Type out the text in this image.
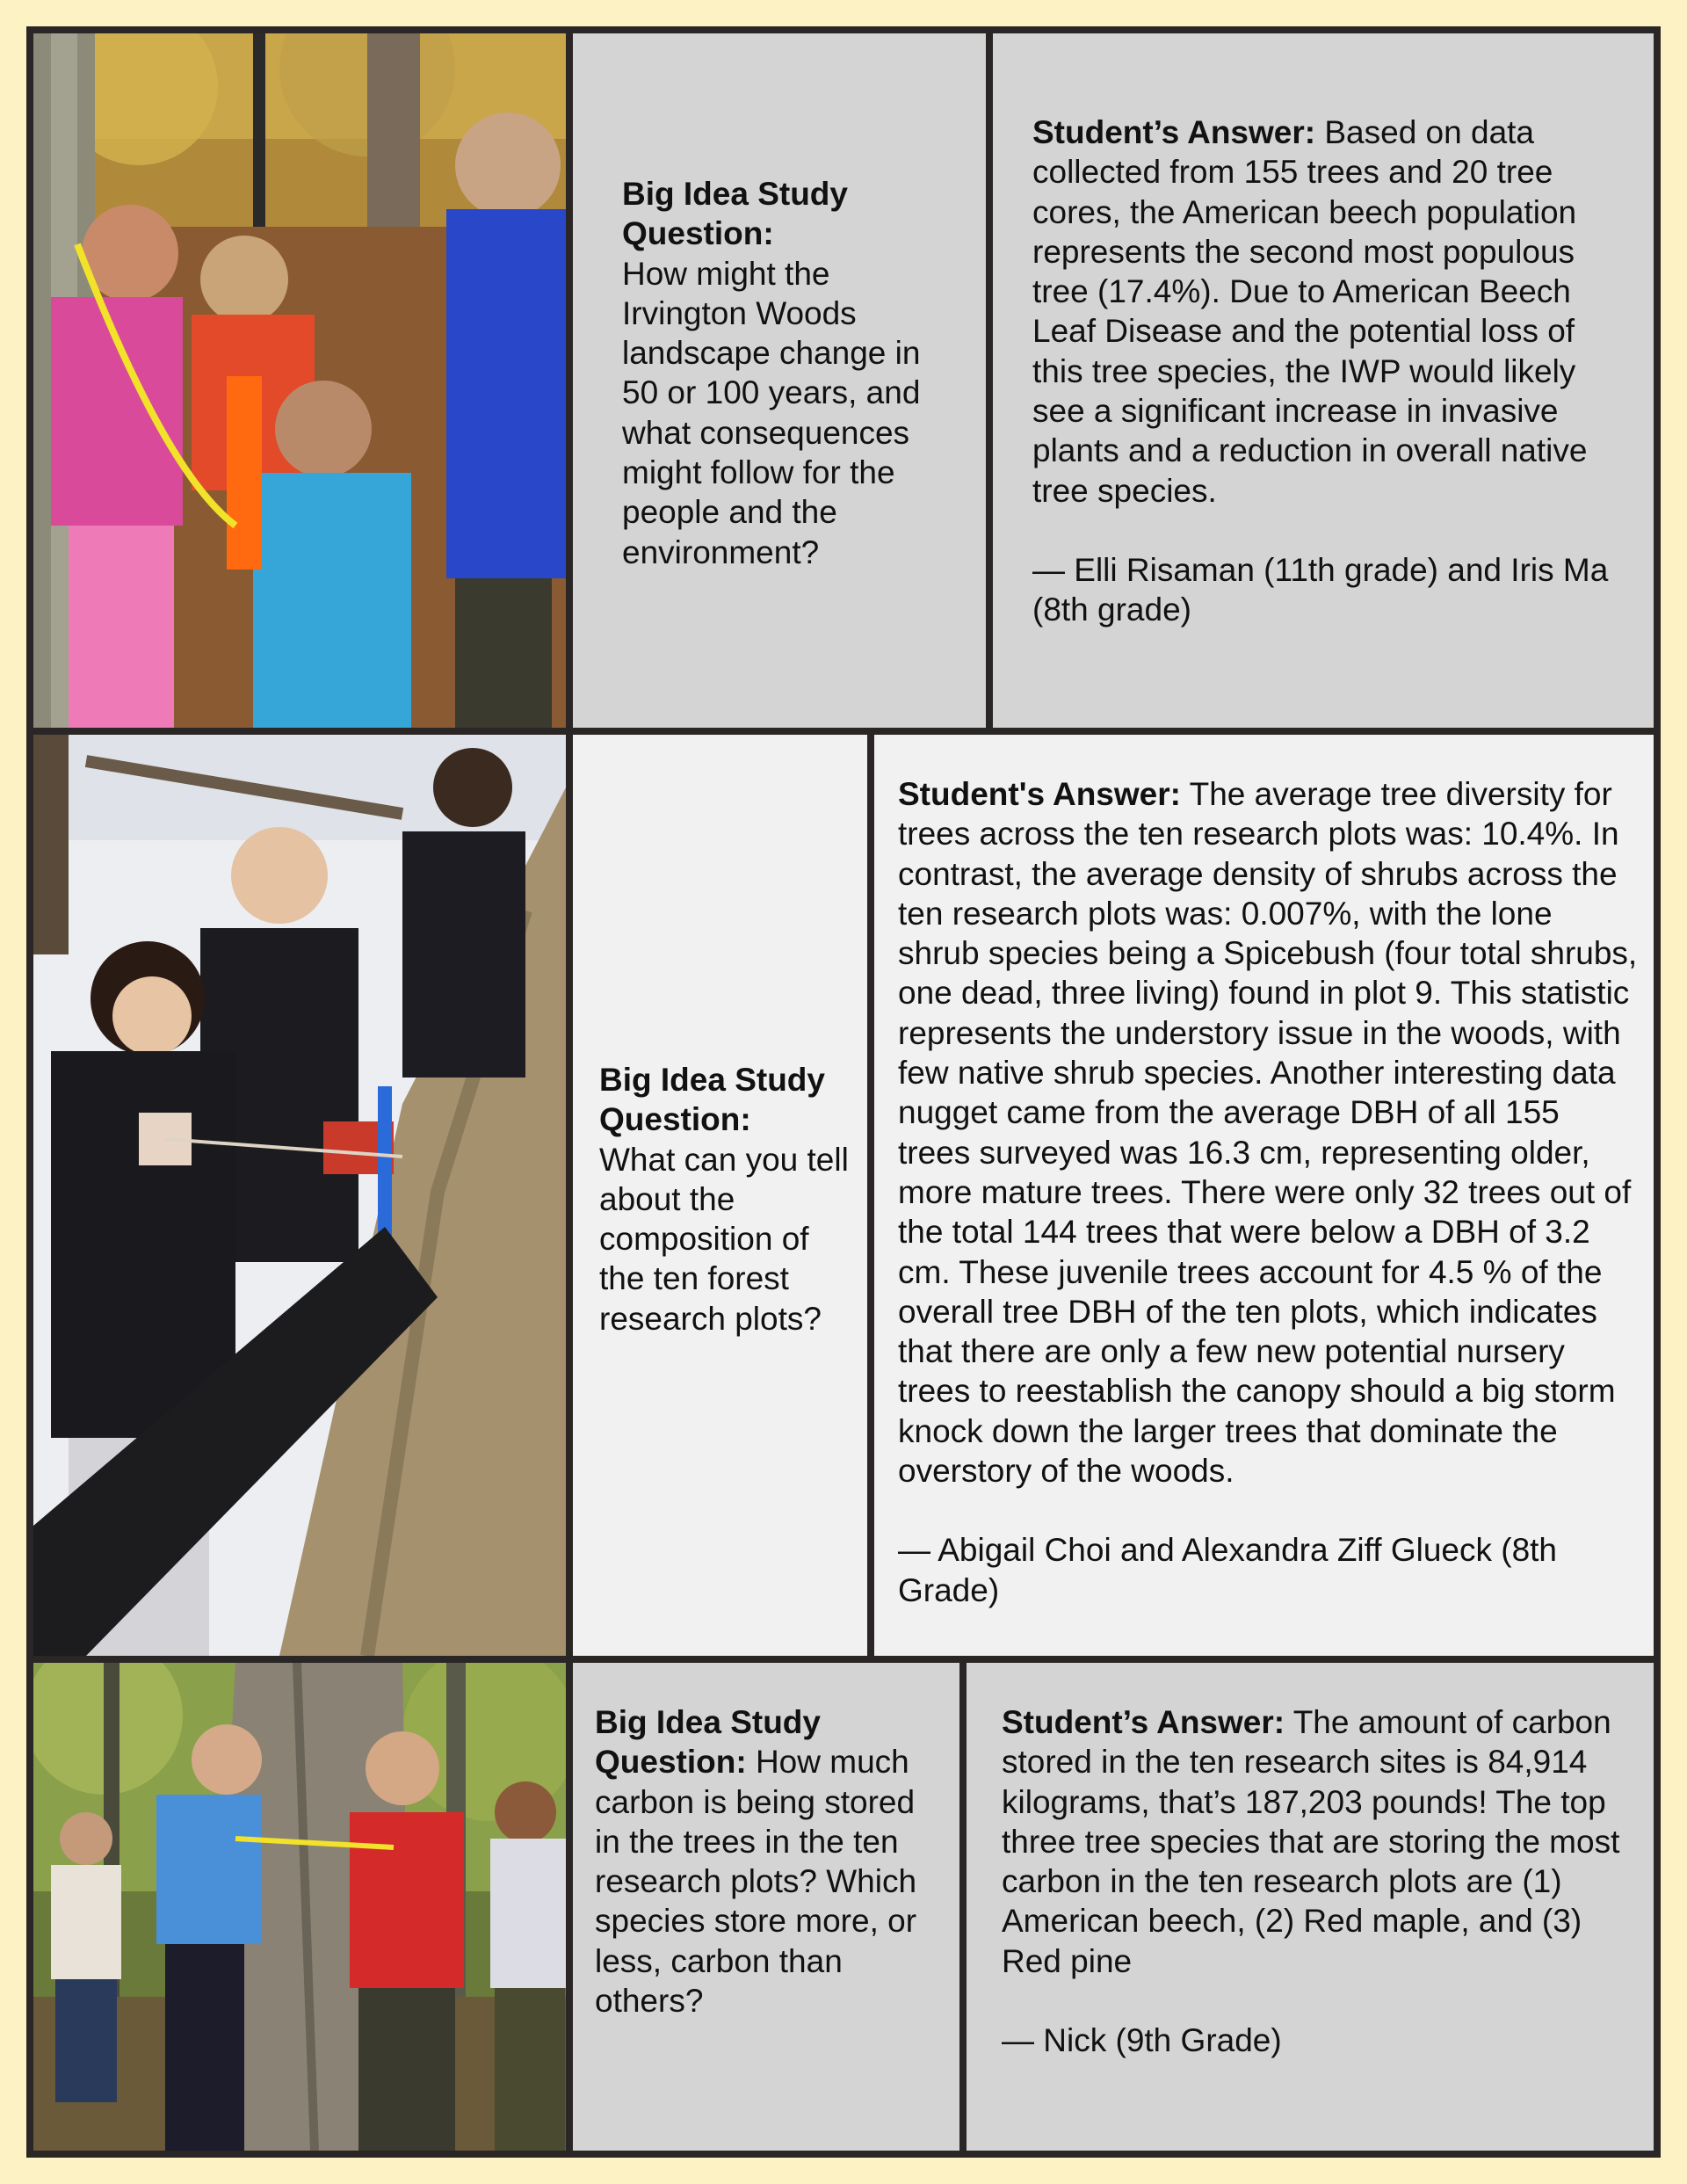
Big Idea Study Question:
How might the Irvington Woods landscape change in 50 or 100 years, and what consequences might follow for the people and the environment?
Student’s Answer: Based on data collected from 155 trees and 20 tree cores, the American beech population represents the second most populous tree (17.4%). Due to American Beech Leaf Disease and the potential loss of this tree species, the IWP would likely see a significant increase in invasive plants and a reduction in overall native tree species.
— Elli Risaman (11th grade) and Iris Ma (8th grade)
Big Idea Study Question:
What can you tell about the composition of the ten forest research plots?
Student's Answer: The average tree diversity for trees across the ten research plots was: 10.4%. In contrast, the average density of shrubs across the ten research plots was: 0.007%, with the lone shrub species being a Spicebush (four total shrubs, one dead, three living) found in plot 9. This statistic represents the understory issue in the woods, with few native shrub species. Another interesting data nugget came from the average DBH of all 155 trees surveyed was 16.3 cm, representing older, more mature trees. There were only 32 trees out of the total 144 trees that were below a DBH of 3.2 cm. These juvenile trees account for 4.5 % of the overall tree DBH of the ten plots, which indicates that there are only a few new potential nursery trees to reestablish the canopy should a big storm knock down the larger trees that dominate the overstory of the woods.
— Abigail Choi and Alexandra Ziff Glueck (8th Grade)
Big Idea Study Question: How much carbon is being stored in the trees in the ten research plots? Which species store more, or less, carbon than others?
Student’s Answer: The amount of carbon stored in the ten research sites is 84,914 kilograms, that’s 187,203 pounds! The top three tree species that are storing the most carbon in the ten research plots are (1) American beech, (2) Red maple, and (3) Red pine
— Nick (9th Grade)
